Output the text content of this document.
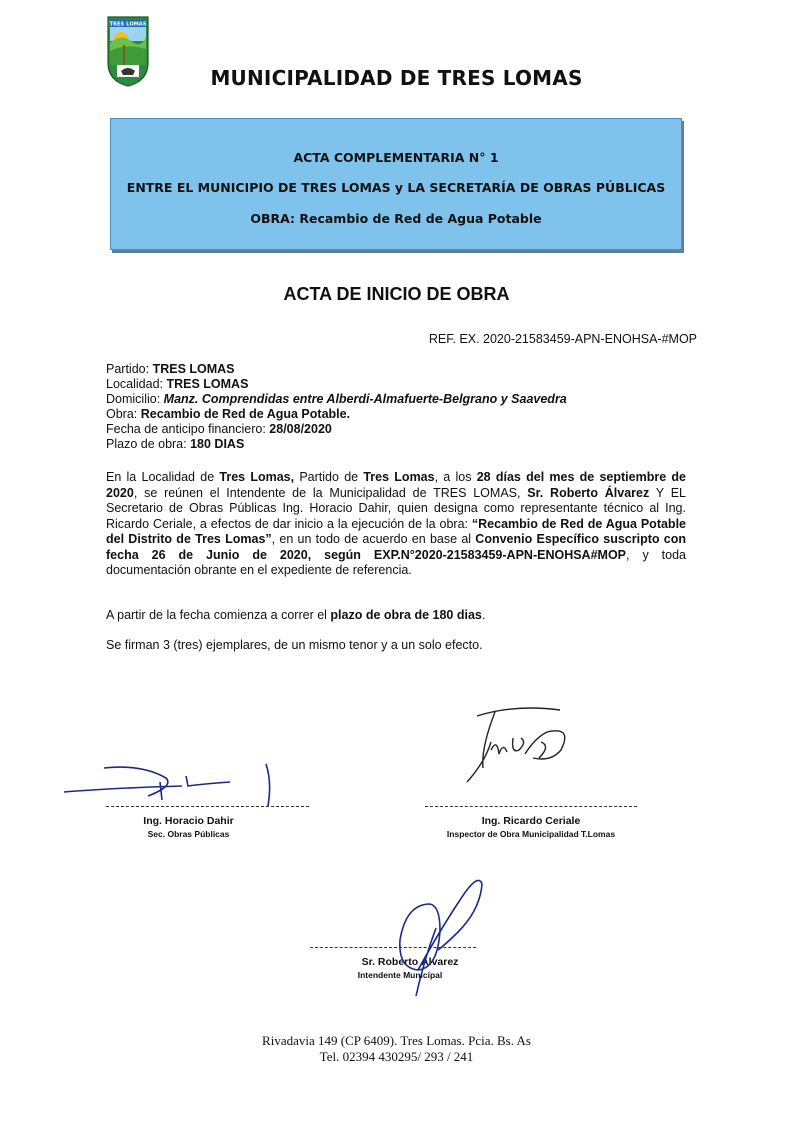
TRES LOMAS
MUNICIPALIDAD DE TRES LOMAS
ACTA COMPLEMENTARIA N° 1
ENTRE EL MUNICIPIO DE TRES LOMAS y LA SECRETARÍA DE OBRAS PÚBLICAS
OBRA: Recambio de Red de Agua Potable
ACTA DE INICIO DE OBRA
REF. EX. 2020-21583459-APN-ENOHSA-#MOP
Partido: TRES LOMAS
Localidad: TRES LOMAS
Domicilio: Manz. Comprendidas entre Alberdi-Almafuerte-Belgrano y Saavedra
Obra: Recambio de Red de Agua Potable.
Fecha de anticipo financiero: 28/08/2020
Plazo de obra: 180 DIAS
En la Localidad de Tres Lomas, Partido de Tres Lomas, a los 28 días del mes de septiembre de 2020, se reúnen el Intendente de la Municipalidad de TRES LOMAS, Sr. Roberto Álvarez Y EL Secretario de Obras Públicas Ing. Horacio Dahir, quien designa como representante técnico al Ing. Ricardo Ceriale, a efectos de dar inicio a la ejecución de la obra: “Recambio de Red de Agua Potable del Distrito de Tres Lomas”, en un todo de acuerdo en base al Convenio Específico suscripto con fecha 26 de Junio de 2020, según EXP.N°2020-21583459-APN-ENOHSA#MOP, y toda documentación obrante en el expediente de referencia.
A partir de la fecha comienza a correr el plazo de obra de 180 dias.
Se firman 3 (tres) ejemplares, de un mismo tenor y a un solo efecto.
Ing. Ricardo Ceriale
Inspector de Obra Municipalidad T.Lomas
Ing. Horacio Dahir
Sec. Obras Públicas
Sr. Roberto Álvarez
Intendente Municipal
Rivadavia 149 (CP 6409). Tres Lomas. Pcia. Bs. As
Tel. 02394 430295/ 293 / 241
